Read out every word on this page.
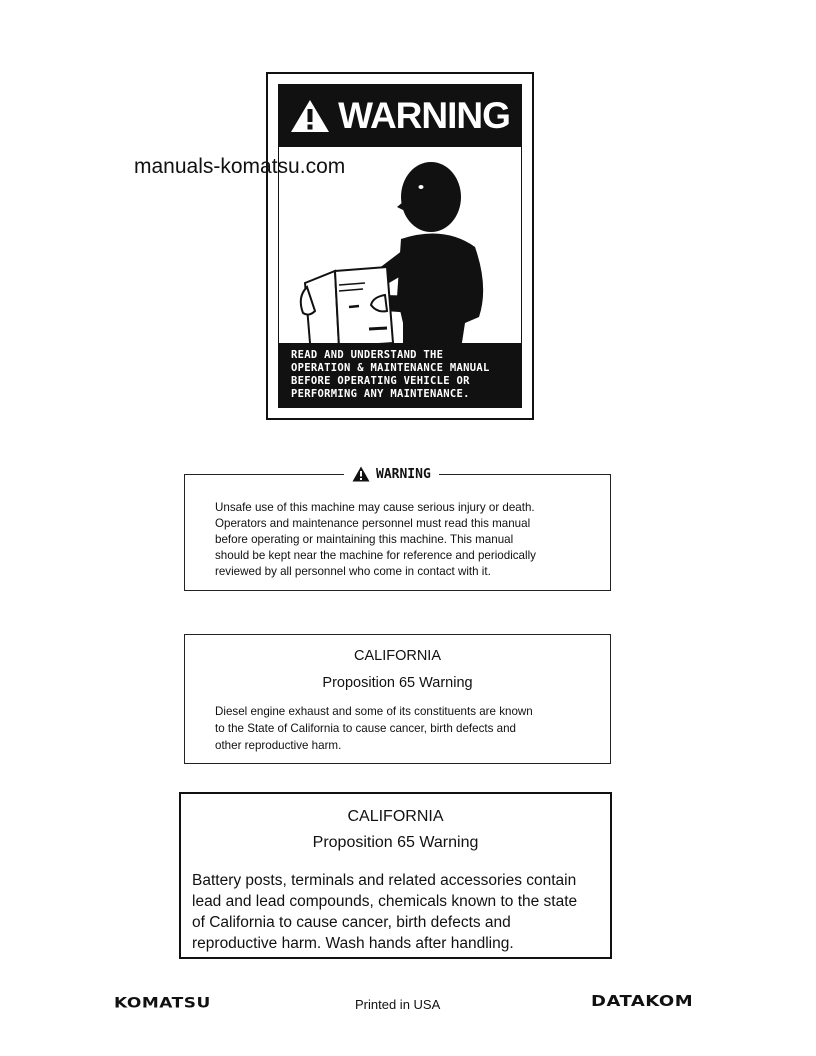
WARNING
READ AND UNDERSTAND THE
OPERATION & MAINTENANCE MANUAL
BEFORE OPERATING VEHICLE OR
PERFORMING ANY MAINTENANCE.
manuals-komatsu.com
Unsafe use of this machine may cause serious injury or death.
Operators and maintenance personnel must read this manual
before operating or maintaining this machine. This manual
should be kept near the machine for reference and periodically
reviewed by all personnel who come in contact with it.
WARNING
CALIFORNIA
Proposition 65 Warning
Diesel engine exhaust and some of its constituents are known
to the State of California to cause cancer, birth defects and
other reproductive harm.
CALIFORNIA
Proposition 65 Warning
Battery posts, terminals and related accessories contain
lead and lead compounds, chemicals known to the state
of California to cause cancer, birth defects and
reproductive harm. Wash hands after handling.
KOMATSU	Printed in USA	DATAKOM
